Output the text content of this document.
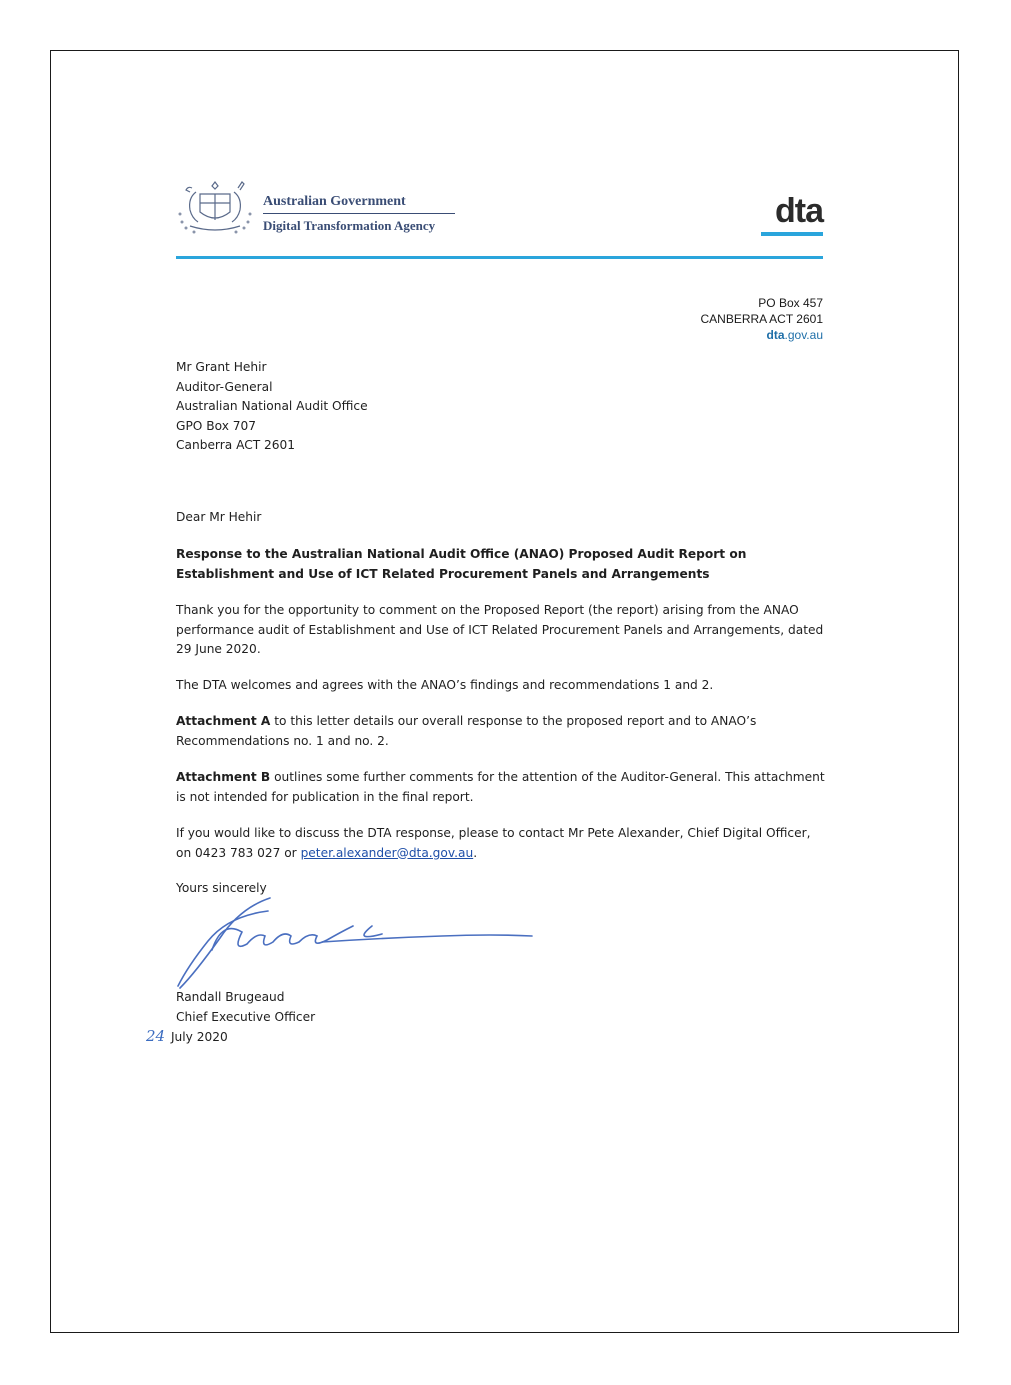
Australian Government
Digital Transformation Agency	dta
PO Box 457
CANBERRA ACT 2601
dta.gov.au
Mr Grant Hehir
Auditor-General
Australian National Audit Office
GPO Box 707
Canberra ACT 2601
Dear Mr Hehir
Response to the Australian National Audit Office (ANAO) Proposed Audit Report on Establishment and Use of ICT Related Procurement Panels and Arrangements
Thank you for the opportunity to comment on the Proposed Report (the report) arising from the ANAO performance audit of Establishment and Use of ICT Related Procurement Panels and Arrangements, dated 29 June 2020.
The DTA welcomes and agrees with the ANAO’s findings and recommendations 1 and 2.
Attachment A to this letter details our overall response to the proposed report and to ANAO’s Recommendations no. 1 and no. 2.
Attachment B outlines some further comments for the attention of the Auditor-General. This attachment is not intended for publication in the final report.
If you would like to discuss the DTA response, please to contact Mr Pete Alexander, Chief Digital Officer, on 0423 783 027 or peter.alexander@dta.gov.au.
Yours sincerely
Randall Brugeaud
Chief Executive Officer
24 July 2020
